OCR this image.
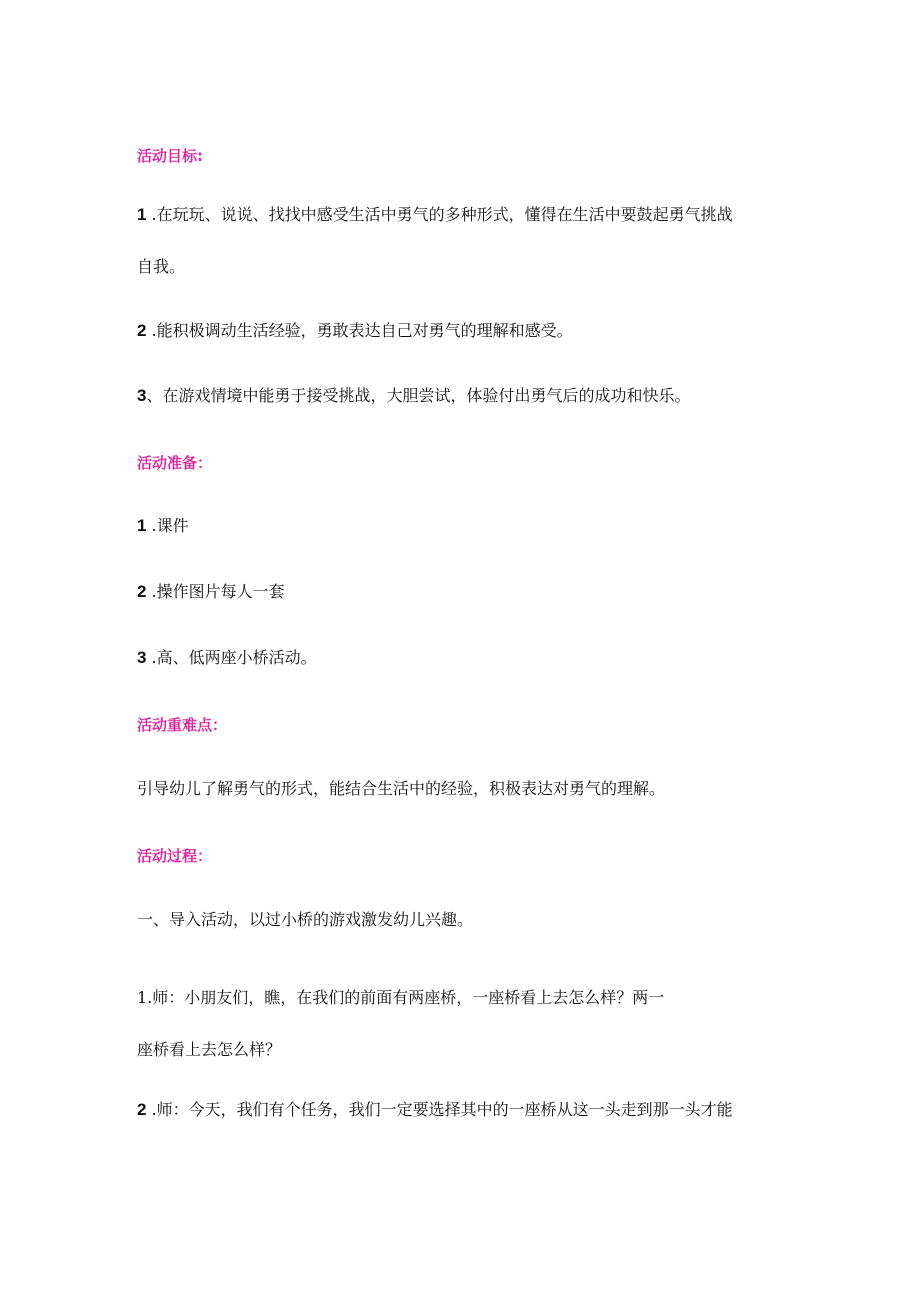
活动目标:
1 .在玩玩、说说、找找中感受生活中勇气的多种形式，懂得在生活中要鼓起勇气挑战
自我。
2 .能积极调动生活经验，勇敢表达自己对勇气的理解和感受。
3、在游戏情境中能勇于接受挑战，大胆尝试，体验付出勇气后的成功和快乐。
活动准备：
1 .课件
2 .操作图片每人一套
3 .高、低两座小桥活动。
活动重难点：
引导幼儿了解勇气的形式，能结合生活中的经验，积极表达对勇气的理解。
活动过程：
一、导入活动，以过小桥的游戏激发幼儿兴趣。
1.师：小朋友们，瞧，在我们的前面有两座桥，一座桥看上去怎么样？两一
座桥看上去怎么样？
2 .师：今天，我们有个任务，我们一定要选择其中的一座桥从这一头走到那一头才能
